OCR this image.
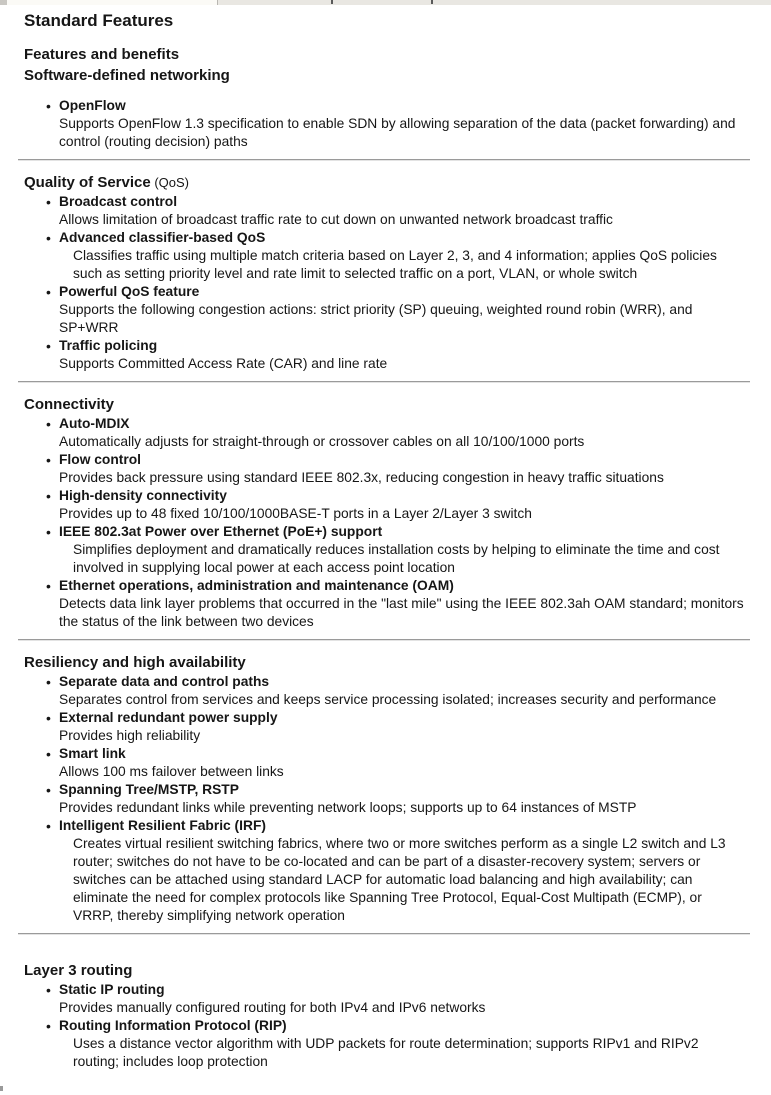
Standard Features
Features and benefits
Software-defined networking
• OpenFlow
Supports OpenFlow 1.3 specification to enable SDN by allowing separation of the data (packet forwarding) and control (routing decision) paths
Quality of Service (QoS)
• Broadcast control
Allows limitation of broadcast traffic rate to cut down on unwanted network broadcast traffic
• Advanced classifier-based QoS
Classifies traffic using multiple match criteria based on Layer 2, 3, and 4 information; applies QoS policies such as setting priority level and rate limit to selected traffic on a port, VLAN, or whole switch
• Powerful QoS feature
Supports the following congestion actions: strict priority (SP) queuing, weighted round robin (WRR), and SP+WRR
• Traffic policing
Supports Committed Access Rate (CAR) and line rate
Connectivity
• Auto-MDIX
Automatically adjusts for straight-through or crossover cables on all 10/100/1000 ports
• Flow control
Provides back pressure using standard IEEE 802.3x, reducing congestion in heavy traffic situations
• High-density connectivity
Provides up to 48 fixed 10/100/1000BASE-T ports in a Layer 2/Layer 3 switch
• IEEE 802.3at Power over Ethernet (PoE+) support
Simplifies deployment and dramatically reduces installation costs by helping to eliminate the time and cost involved in supplying local power at each access point location
• Ethernet operations, administration and maintenance (OAM)
Detects data link layer problems that occurred in the "last mile" using the IEEE 802.3ah OAM standard; monitors the status of the link between two devices
Resiliency and high availability
• Separate data and control paths
Separates control from services and keeps service processing isolated; increases security and performance
• External redundant power supply
Provides high reliability
• Smart link
Allows 100 ms failover between links
• Spanning Tree/MSTP, RSTP
Provides redundant links while preventing network loops; supports up to 64 instances of MSTP
• Intelligent Resilient Fabric (IRF)
Creates virtual resilient switching fabrics, where two or more switches perform as a single L2 switch and L3 router; switches do not have to be co-located and can be part of a disaster-recovery system; servers or switches can be attached using standard LACP for automatic load balancing and high availability; can eliminate the need for complex protocols like Spanning Tree Protocol, Equal-Cost Multipath (ECMP), or VRRP, thereby simplifying network operation
Layer 3 routing
• Static IP routing
Provides manually configured routing for both IPv4 and IPv6 networks
• Routing Information Protocol (RIP)
Uses a distance vector algorithm with UDP packets for route determination; supports RIPv1 and RIPv2 routing; includes loop protection
